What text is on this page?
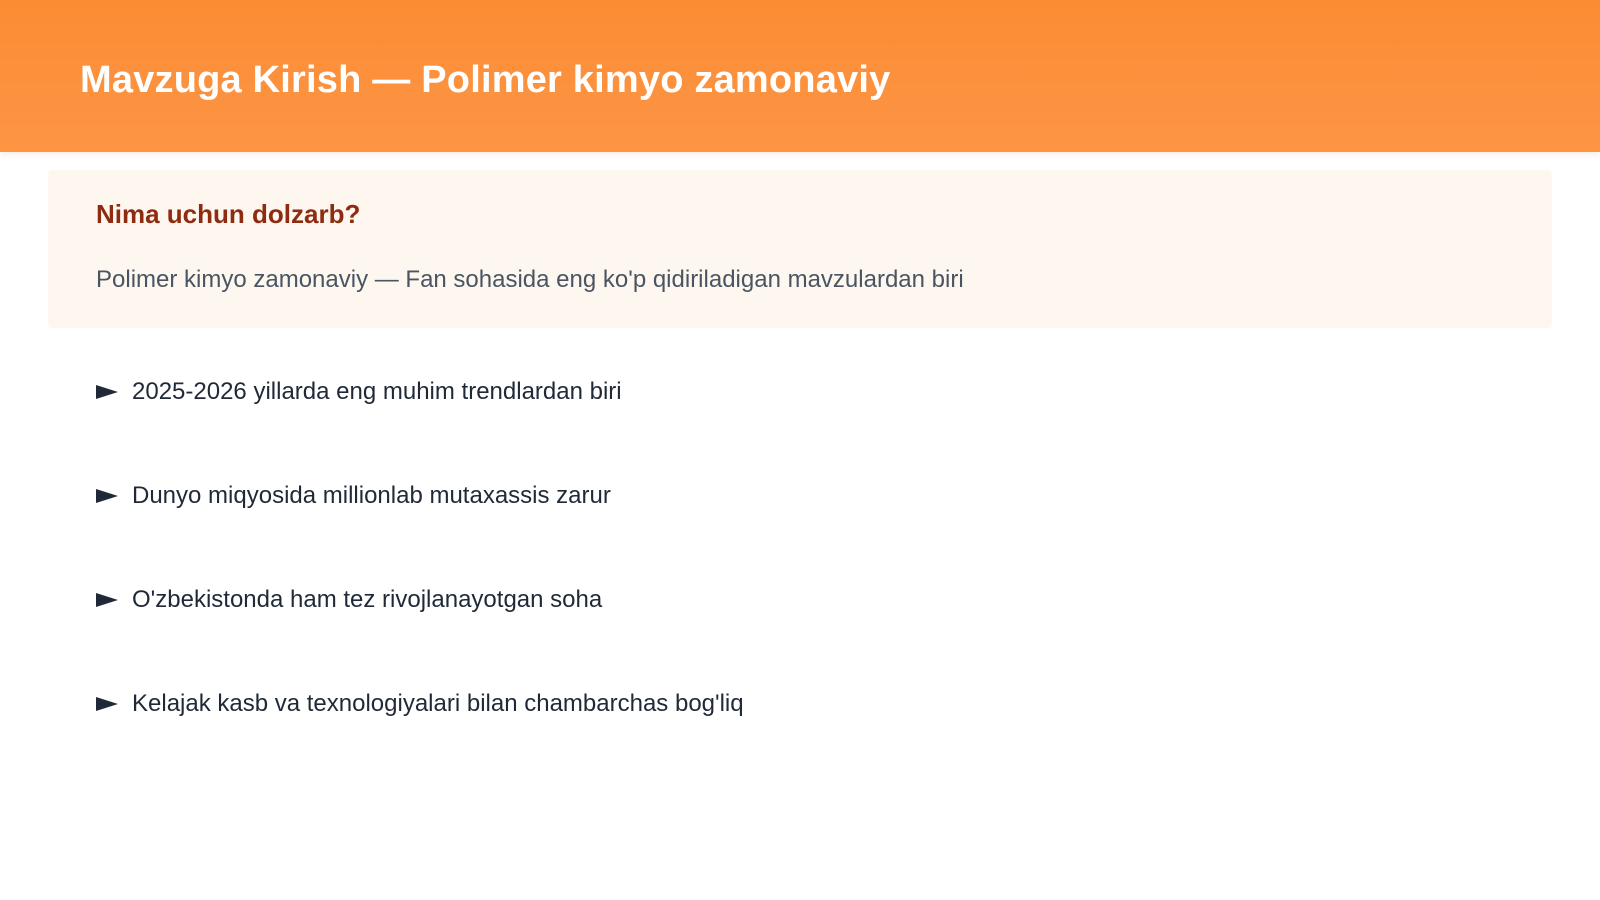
Mavzuga Kirish — Polimer kimyo zamonaviy
Nima uchun dolzarb?

Polimer kimyo zamonaviy — Fan sohasida eng ko'p qidiriladigan mavzulardan biri

2025-2026 yillarda eng muhim trendlardan biri
Dunyo miqyosida millionlab mutaxassis zarur
O'zbekistonda ham tez rivojlanayotgan soha
Kelajak kasb va texnologiyalari bilan chambarchas bog'liq
